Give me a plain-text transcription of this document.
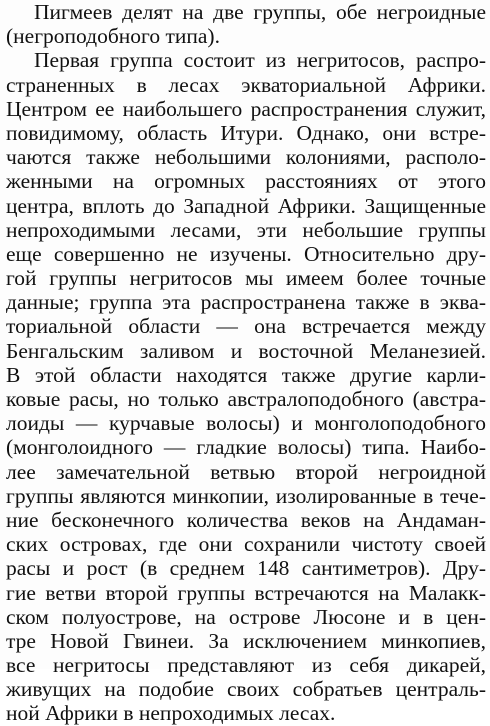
Пигмеев делят на две группы, обе негроидные
(негроподобного типа).
Первая группа состоит из негритосов, распро-
страненных в лесах экваториальной Африки.
Центром ее наибольшего распространения служит,
повидимому, область Итури. Однако, они встре-
чаются также небольшими колониями, располо-
женными на огромных расстояниях от этого
центра, вплоть до Западной Африки. Защищенные
непроходимыми лесами, эти небольшие группы
еще совершенно не изучены. Относительно дру-
гой группы негритосов мы имеем более точные
данные; группа эта распространена также в эква-
ториальной области — она встречается между
Бенгальским заливом и восточной Меланезией.
В этой области находятся также другие карли-
ковые расы, но только австралоподобного (австра-
лоиды — курчавые волосы) и монголоподобного
(монголоидного — гладкие волосы) типа. Наибо-
лее замечательной ветвью второй негроидной
группы являются минкопии, изолированные в тече-
ние бесконечного количества веков на Андаман-
ских островах, где они сохранили чистоту своей
расы и рост (в среднем 148 сантиметров). Дру-
гие ветви второй группы встречаются на Малакк-
ском полуострове, на острове Люсоне и в цен-
тре Новой Гвинеи. За исключением минкопиев,
все негритосы представляют из себя дикарей,
живущих на подобие своих собратьев централь-
ной Африки в непроходимых лесах.
